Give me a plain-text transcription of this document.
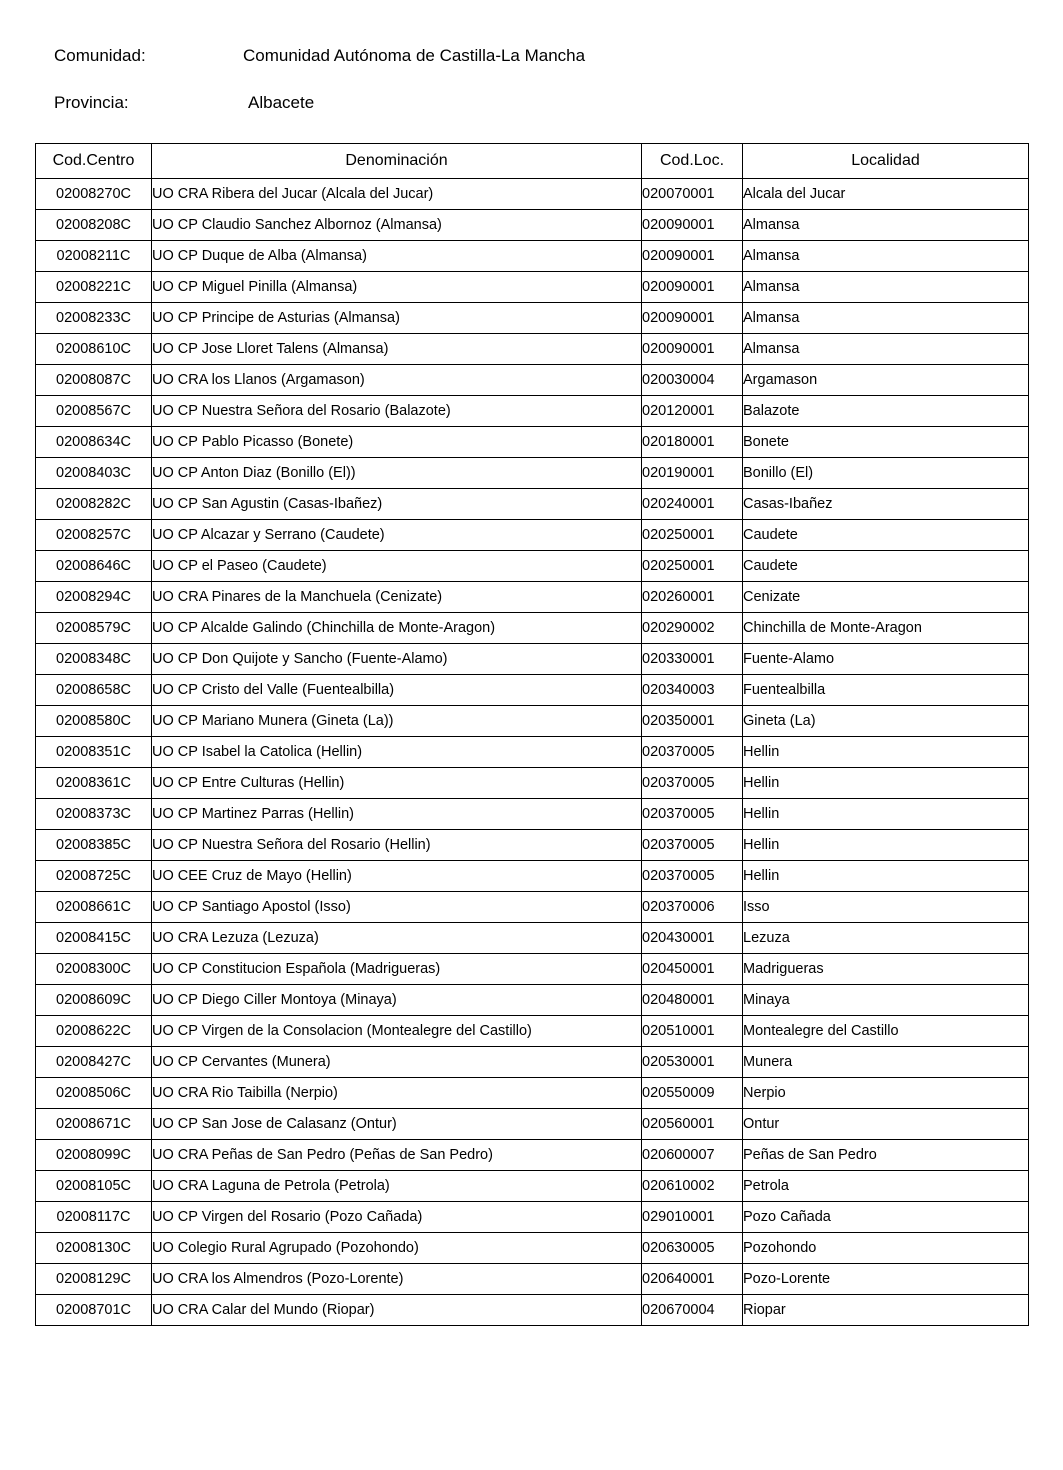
Comunidad:	Comunidad Autónoma de Castilla-La Mancha
Provincia:	Albacete
Cod.Centro	Denominación	Cod.Loc.	Localidad
02008270C	UO CRA Ribera del Jucar (Alcala del Jucar)	020070001	Alcala del Jucar
02008208C	UO CP Claudio Sanchez Albornoz (Almansa)	020090001	Almansa
02008211C	UO CP Duque de Alba (Almansa)	020090001	Almansa
02008221C	UO CP Miguel Pinilla (Almansa)	020090001	Almansa
02008233C	UO CP Principe de Asturias (Almansa)	020090001	Almansa
02008610C	UO CP Jose Lloret Talens (Almansa)	020090001	Almansa
02008087C	UO CRA los Llanos (Argamason)	020030004	Argamason
02008567C	UO CP Nuestra Señora del Rosario (Balazote)	020120001	Balazote
02008634C	UO CP Pablo Picasso (Bonete)	020180001	Bonete
02008403C	UO CP Anton Diaz (Bonillo (El))	020190001	Bonillo (El)
02008282C	UO CP San Agustin (Casas-Ibañez)	020240001	Casas-Ibañez
02008257C	UO CP Alcazar y Serrano (Caudete)	020250001	Caudete
02008646C	UO CP el Paseo (Caudete)	020250001	Caudete
02008294C	UO CRA Pinares de la Manchuela (Cenizate)	020260001	Cenizate
02008579C	UO CP Alcalde Galindo (Chinchilla de Monte-Aragon)	020290002	Chinchilla de Monte-Aragon
02008348C	UO CP Don Quijote y Sancho (Fuente-Alamo)	020330001	Fuente-Alamo
02008658C	UO CP Cristo del Valle (Fuentealbilla)	020340003	Fuentealbilla
02008580C	UO CP Mariano Munera (Gineta (La))	020350001	Gineta (La)
02008351C	UO CP Isabel la Catolica (Hellin)	020370005	Hellin
02008361C	UO CP Entre Culturas (Hellin)	020370005	Hellin
02008373C	UO CP Martinez Parras (Hellin)	020370005	Hellin
02008385C	UO CP Nuestra Señora del Rosario (Hellin)	020370005	Hellin
02008725C	UO CEE Cruz de Mayo (Hellin)	020370005	Hellin
02008661C	UO CP Santiago Apostol (Isso)	020370006	Isso
02008415C	UO CRA Lezuza (Lezuza)	020430001	Lezuza
02008300C	UO CP Constitucion Española (Madrigueras)	020450001	Madrigueras
02008609C	UO CP Diego Ciller Montoya (Minaya)	020480001	Minaya
02008622C	UO CP Virgen de la Consolacion (Montealegre del Castillo)	020510001	Montealegre del Castillo
02008427C	UO CP Cervantes (Munera)	020530001	Munera
02008506C	UO CRA Rio Taibilla (Nerpio)	020550009	Nerpio
02008671C	UO CP San Jose de Calasanz (Ontur)	020560001	Ontur
02008099C	UO CRA Peñas de San Pedro (Peñas de San Pedro)	020600007	Peñas de San Pedro
02008105C	UO CRA Laguna de Petrola (Petrola)	020610002	Petrola
02008117C	UO CP Virgen del Rosario (Pozo Cañada)	029010001	Pozo Cañada
02008130C	UO Colegio Rural Agrupado (Pozohondo)	020630005	Pozohondo
02008129C	UO CRA los Almendros (Pozo-Lorente)	020640001	Pozo-Lorente
02008701C	UO CRA Calar del Mundo (Riopar)	020670004	Riopar
